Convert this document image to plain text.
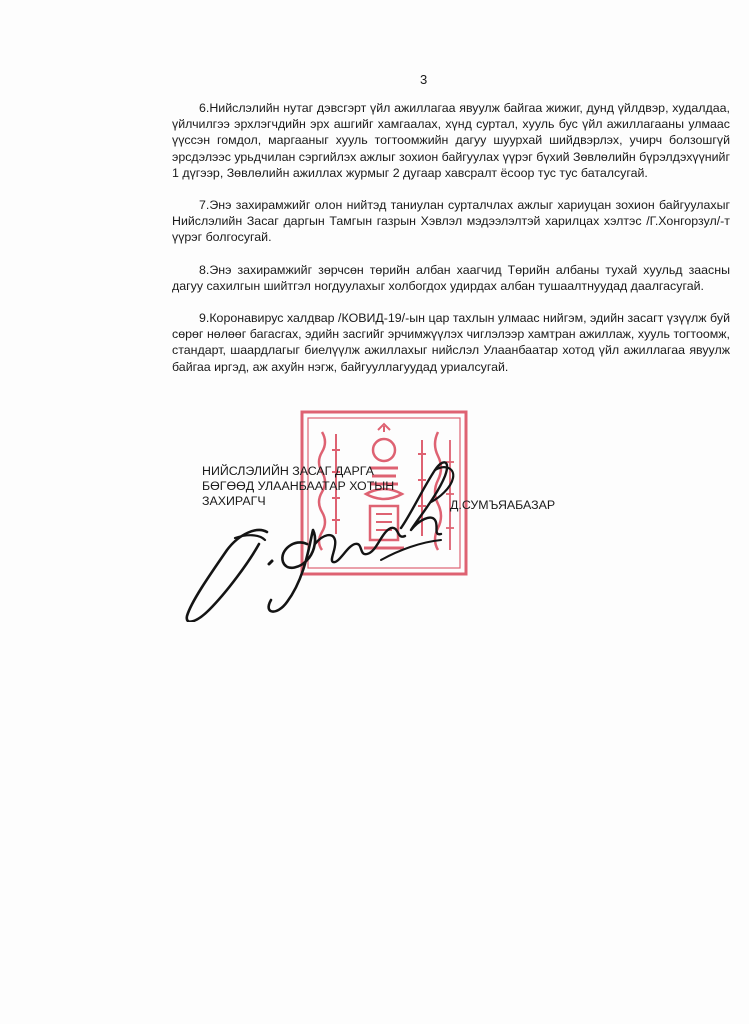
3

6.Нийслэлийн нутаг дэвсгэрт үйл ажиллагаа явуулж байгаа жижиг, дунд үйлдвэр, худалдаа, үйлчилгээ эрхлэгчдийн эрх ашгийг хамгаалах, хүнд суртал, хууль бус үйл ажиллагааны улмаас үүссэн гомдол, маргааныг хууль тогтоомжийн дагуу шуурхай шийдвэрлэх, учирч болзошгүй эрсдэлээс урьдчилан сэргийлэх ажлыг зохион байгуулах үүрэг бүхий Зөвлөлийн бүрэлдэхүүнийг 1 дүгээр, Зөвлөлийн ажиллах журмыг 2 дугаар хавсралт ёсоор тус тус баталсугай.

7.Энэ захирамжийг олон нийтэд таниулан сурталчлах ажлыг хариуцан зохион байгуулахыг Нийслэлийн Засаг даргын Тамгын газрын Хэвлэл мэдээлэлтэй харилцах хэлтэс /Г.Хонгорзул/-т үүрэг болгосугай.

8.Энэ захирамжийг зөрчсөн төрийн албан хаагчид Төрийн албаны тухай хуульд заасны дагуу сахилгын шийтгэл ногдуулахыг холбогдох удирдах албан тушаалтнуудад даалгасугай.

9.Коронавирус халдвар /КОВИД-19/-ын цар тахлын улмаас нийгэм, эдийн засагт үзүүлж буй сөрөг нөлөөг багасгах, эдийн засгийг эрчимжүүлэх чиглэлээр хамтран ажиллаж, хууль тогтоомж, стандарт, шаардлагыг биелүүлж ажиллахыг нийслэл Улаанбаатар хотод үйл ажиллагаа явуулж байгаа иргэд, аж ахуйн нэгж, байгууллагуудад уриалсугай.

НИЙСЛЭЛИЙН ЗАСАГ ДАРГА
БӨГӨӨД УЛААНБААТАР ХОТЫН
ЗАХИРАГЧ	Д.СУМЪЯАБАЗАР
